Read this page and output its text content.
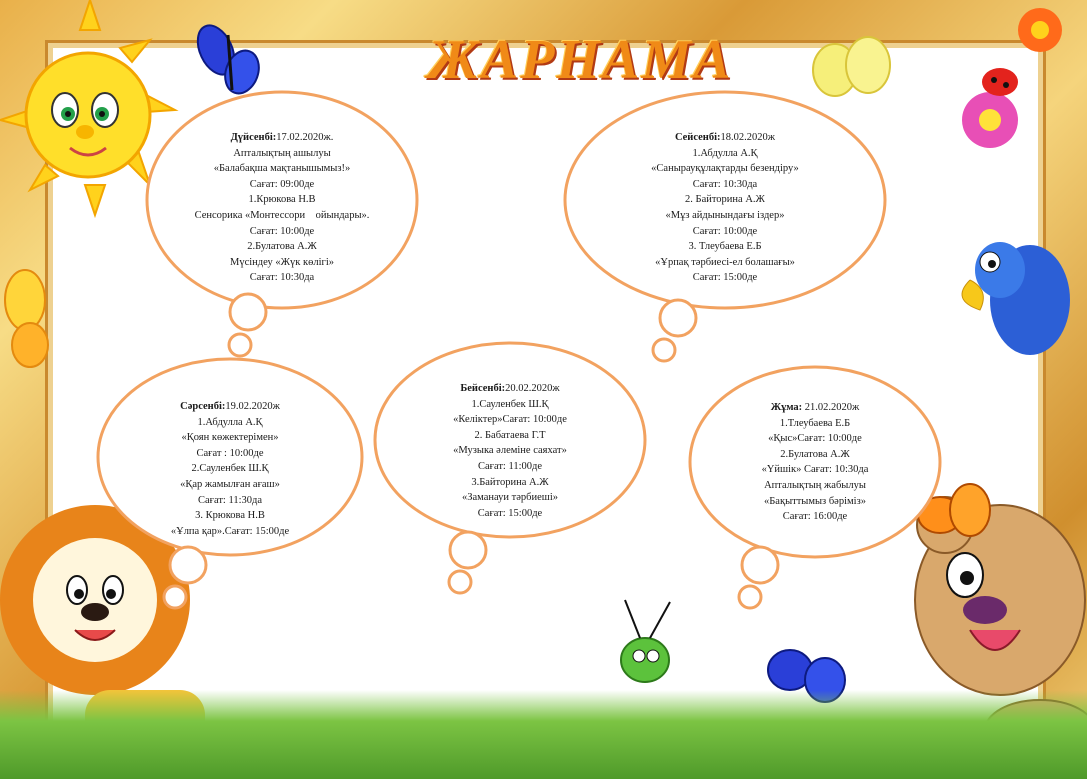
ЖАРНАМА
Дүйсенбі:17.02.2020ж.
Апталықтың ашылуы
«Балабақша мақтанышымыз!»
Сағат: 09:00де
1.Крюкова Н.В
Сенсорика «Монтессори    ойындары».
Сағат: 10:00де
2.Булатова А.Ж
Мүсіндеу «Жүк көлігі»
Сағат: 10:30да
Сейсенбі:18.02.2020ж
1.Абдулла А.Қ
«Санырауқұлақтарды безендіру»
Сағат: 10:30да
2. Байторина А.Ж
«Мұз айдынындағы іздер»
Сағат: 10:00де
3. Тлеубаева Е.Б
«Ұрпақ тәрбиесі-ел болашағы»
Сағат: 15:00де
Сәрсенбі:19.02.2020ж
1.Абдулла А.Қ
«Қоян көжектерімен»
Сағат : 10:00де
2.Сауленбек Ш.Қ
«Қар жамылған ағаш»
Сағат: 11:30да
3. Крюкова Н.В
«Ұлпа қар».Сағат: 15:00де
Бейсенбі:20.02.2020ж
1.Сауленбек Ш.Қ
«Келіктер»Сағат: 10:00де
2. Бабатаева Г.Т
«Музыка әлеміне саяхат»
Сағат: 11:00де
3.Байторина А.Ж
«Заманауи тәрбиеші»
Сағат: 15:00де
Жұма: 21.02.2020ж
1.Тлеубаева Е.Б
«Қыс»Сағат: 10:00де
2.Булатова А.Ж
«Үйшік» Сағат: 10:30да
Апталықтың жабылуы
«Бақыттымыз бәріміз»
Сағат: 16:00де
